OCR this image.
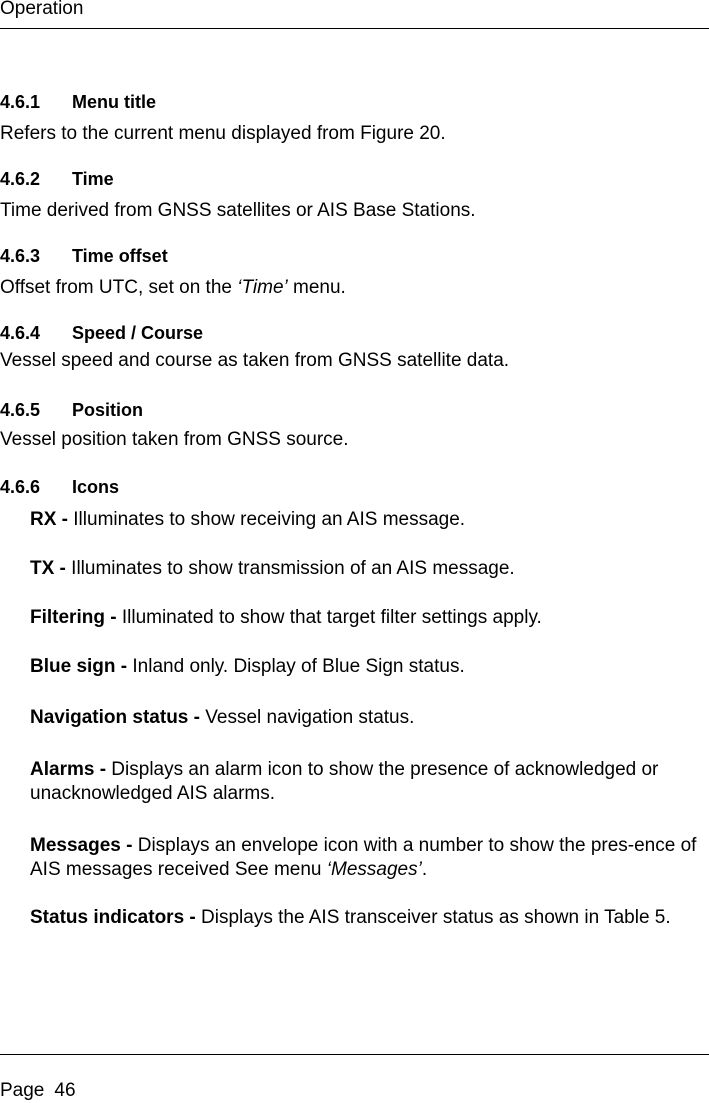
Operation
4.6.1 Menu title
Refers to the current menu displayed from Figure 20.
4.6.2 Time
Time derived from GNSS satellites or AIS Base Stations.
4.6.3 Time offset
Offset from UTC, set on the ‘Time’ menu.
4.6.4 Speed / Course
Vessel speed and course as taken from GNSS satellite data.
4.6.5 Position
Vessel position taken from GNSS source.
4.6.6 Icons
RX - Illuminates to show receiving an AIS message.
TX - Illuminates to show transmission of an AIS message.
Filtering - Illuminated to show that target filter settings apply.
Blue sign - Inland only. Display of Blue Sign status.
Navigation status - Vessel navigation status.
Alarms - Displays an alarm icon to show the presence of acknowledged or unacknowledged AIS alarms.
Messages - Displays an envelope icon with a number to show the pres-ence of AIS messages received See menu ‘Messages’.
Status indicators - Displays the AIS transceiver status as shown in Table 5.
Page 46
